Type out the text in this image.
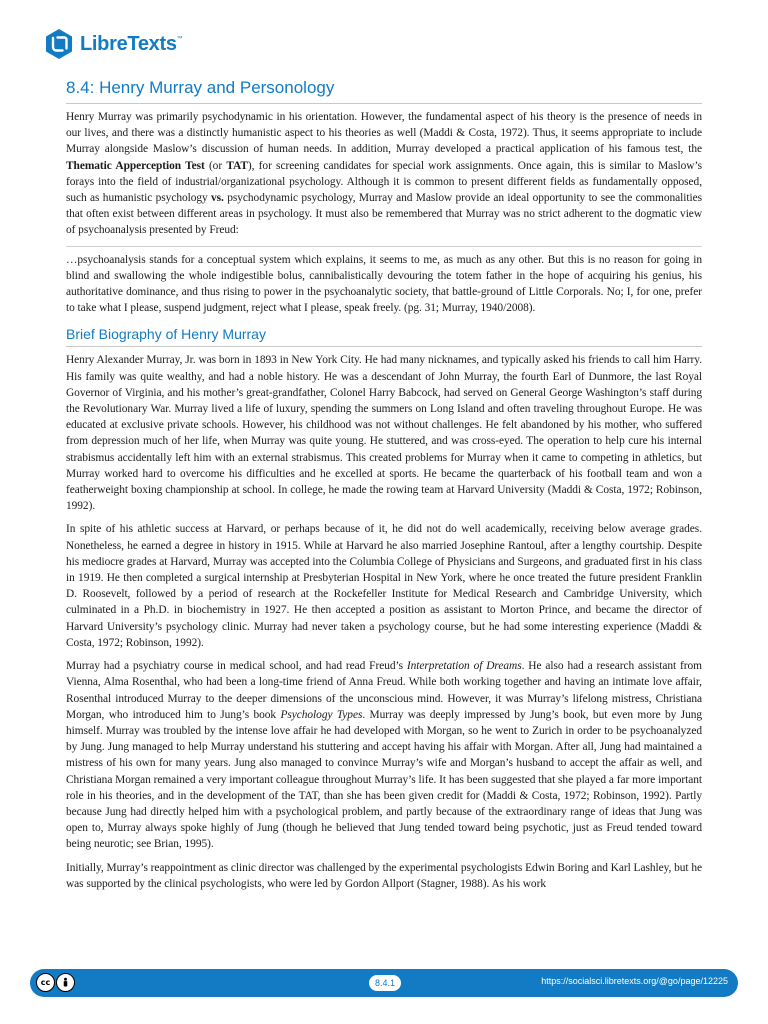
LibreTexts™
8.4: Henry Murray and Personology

Henry Murray was primarily psychodynamic in his orientation. However, the fundamental aspect of his theory is the presence of needs in our lives, and there was a distinctly humanistic aspect to his theories as well (Maddi & Costa, 1972). Thus, it seems appropriate to include Murray alongside Maslow’s discussion of human needs. In addition, Murray developed a practical application of his famous test, the Thematic Apperception Test (or TAT), for screening candidates for special work assignments. Once again, this is similar to Maslow’s forays into the field of industrial/organizational psychology. Although it is common to present different fields as fundamentally opposed, such as humanistic psychology vs. psychodynamic psychology, Murray and Maslow provide an ideal opportunity to see the commonalities that often exist between different areas in psychology. It must also be remembered that Murray was no strict adherent to the dogmatic view of psychoanalysis presented by Freud:

…psychoanalysis stands for a conceptual system which explains, it seems to me, as much as any other. But this is no reason for going in blind and swallowing the whole indigestible bolus, cannibalistically devouring the totem father in the hope of acquiring his genius, his authoritative dominance, and thus rising to power in the psychoanalytic society, that battle-ground of Little Corporals. No; I, for one, prefer to take what I please, suspend judgment, reject what I please, speak freely. (pg. 31; Murray, 1940/2008).

Brief Biography of Henry Murray

Henry Alexander Murray, Jr. was born in 1893 in New York City. He had many nicknames, and typically asked his friends to call him Harry. His family was quite wealthy, and had a noble history. He was a descendant of John Murray, the fourth Earl of Dunmore, the last Royal Governor of Virginia, and his mother’s great-grandfather, Colonel Harry Babcock, had served on General George Washington’s staff during the Revolutionary War. Murray lived a life of luxury, spending the summers on Long Island and often traveling throughout Europe. He was educated at exclusive private schools. However, his childhood was not without challenges. He felt abandoned by his mother, who suffered from depression much of her life, when Murray was quite young. He stuttered, and was cross-eyed. The operation to help cure his internal strabismus accidentally left him with an external strabismus. This created problems for Murray when it came to competing in athletics, but Murray worked hard to overcome his difficulties and he excelled at sports. He became the quarterback of his football team and won a featherweight boxing championship at school. In college, he made the rowing team at Harvard University (Maddi & Costa, 1972; Robinson, 1992).

In spite of his athletic success at Harvard, or perhaps because of it, he did not do well academically, receiving below average grades. Nonetheless, he earned a degree in history in 1915. While at Harvard he also married Josephine Rantoul, after a lengthy courtship. Despite his mediocre grades at Harvard, Murray was accepted into the Columbia College of Physicians and Surgeons, and graduated first in his class in 1919. He then completed a surgical internship at Presbyterian Hospital in New York, where he once treated the future president Franklin D. Roosevelt, followed by a period of research at the Rockefeller Institute for Medical Research and Cambridge University, which culminated in a Ph.D. in biochemistry in 1927. He then accepted a position as assistant to Morton Prince, and became the director of Harvard University’s psychology clinic. Murray had never taken a psychology course, but he had some interesting experience (Maddi & Costa, 1972; Robinson, 1992).

Murray had a psychiatry course in medical school, and had read Freud’s Interpretation of Dreams. He also had a research assistant from Vienna, Alma Rosenthal, who had been a long-time friend of Anna Freud. While both working together and having an intimate love affair, Rosenthal introduced Murray to the deeper dimensions of the unconscious mind. However, it was Murray’s lifelong mistress, Christiana Morgan, who introduced him to Jung’s book Psychology Types. Murray was deeply impressed by Jung’s book, but even more by Jung himself. Murray was troubled by the intense love affair he had developed with Morgan, so he went to Zurich in order to be psychoanalyzed by Jung. Jung managed to help Murray understand his stuttering and accept having his affair with Morgan. After all, Jung had maintained a mistress of his own for many years. Jung also managed to convince Murray’s wife and Morgan’s husband to accept the affair as well, and Christiana Morgan remained a very important colleague throughout Murray’s life. It has been suggested that she played a far more important role in his theories, and in the development of the TAT, than she has been given credit for (Maddi & Costa, 1972; Robinson, 1992). Partly because Jung had directly helped him with a psychological problem, and partly because of the extraordinary range of ideas that Jung was open to, Murray always spoke highly of Jung (though he believed that Jung tended toward being psychotic, just as Freud tended toward being neurotic; see Brian, 1995).

Initially, Murray’s reappointment as clinic director was challenged by the experimental psychologists Edwin Boring and Karl Lashley, but he was supported by the clinical psychologists, who were led by Gordon Allport (Stagner, 1988). As his work

cc	8.4.1	https://socialsci.libretexts.org/@go/page/12225
